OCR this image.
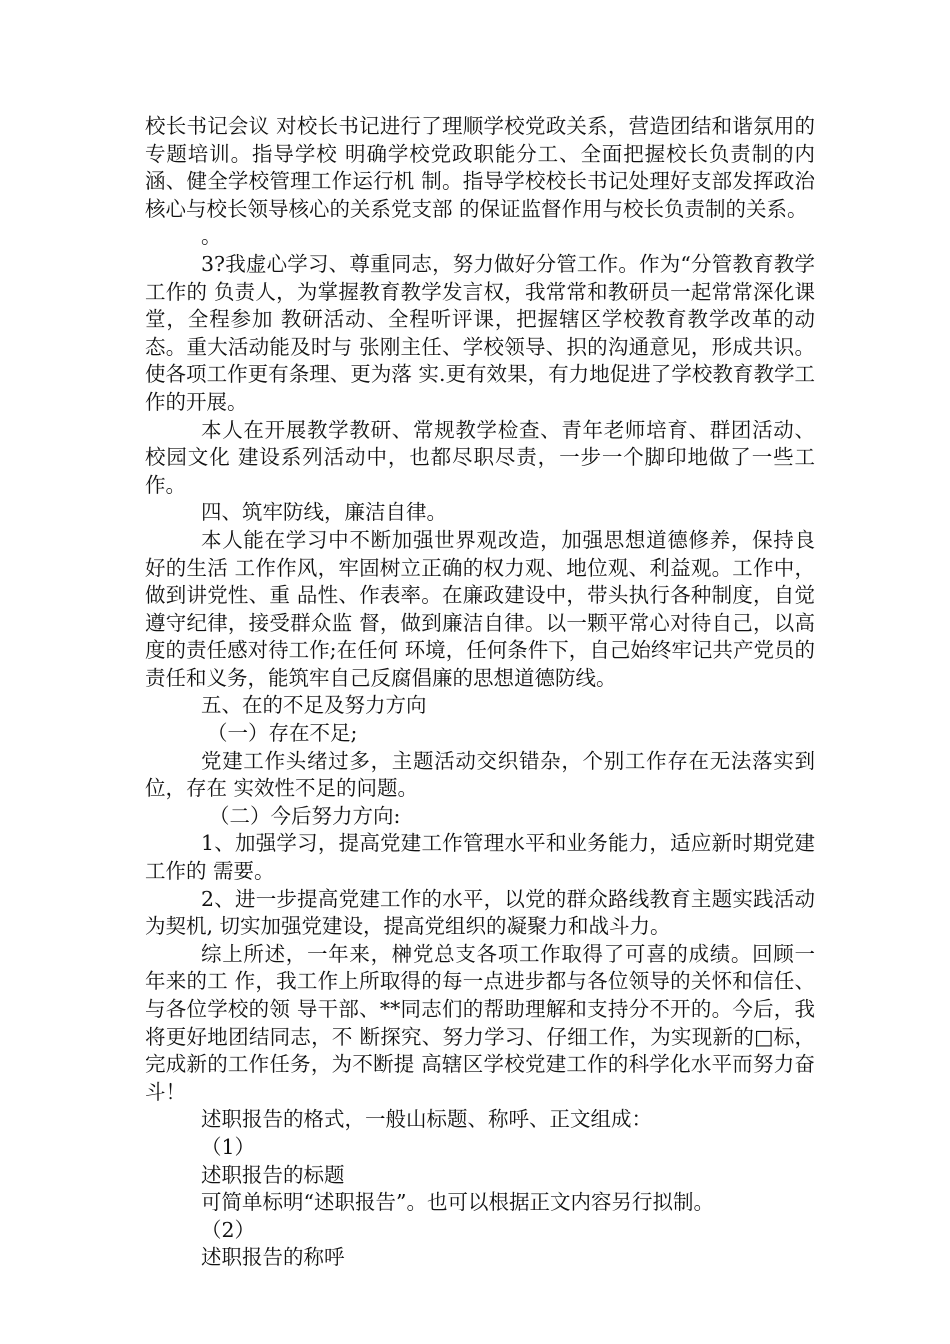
校长书记会议 对校长书记进行了理顺学校党政关系，营造团结和谐氛用的专题培训。指导学校 明确学校党政职能分工、全面把握校长负责制的内涵、健全学校管理工作运行机 制。指导学校校长书记处理好支部发挥政治核心与校长领导核心的关系党支部 的保证监督作用与校长负责制的关系。

。

3?我虚心学习、尊重同志，努力做好分管工作。作为“分管教育教学工作的 负责人，为掌握教育教学发言权，我常常和教研员一起常常深化课堂，全程参加 教研活动、全程听评课，把握辖区学校教育教学改革的动态。重大活动能及时与 张刚主任、学校领导、抧的沟通意见，形成共识。使各项工作更有条理、更为落 实.更有效果，有力地促进了学校教育教学工作的开展。

本人在开展教学教研、常规教学检查、青年老师培育、群团活动、校园文化 建设系列活动中，也都尽职尽责，一步一个脚印地做了一些工作。

四、筑牢防线，廉洁自律。

本人能在学习中不断加强世界观改造，加强思想道德修养，保持良好的生活 工作作风，牢固树立正确的权力观、地位观、利益观。工作中，做到讲党性、重 品性、作表率。在廉政建设中，带头执行各种制度，自觉遵守纪律，接受群众监 督，做到廉洁自律。以一颗平常心对待自己，以高度的责任感对待工作;在任何 环境，任何条件下，自己始终牢记共产党员的责任和义务，能筑牢自己反腐倡廉的思想道德防线。

五、在的不足及努力方向

（一）存在不足;

党建工作头绪过多，主题活动交织错杂，个别工作存在无法落实到位，存在 实效性不足的问题。

（二）今后努力方向:

1、加强学习，提高党建工作管理水平和业务能力，适应新时期党建工作的 需要。

2、进一步提高党建工作的水平，以党的群众路线教育主题实践活动为契机, 切实加强党建设，提高党组织的凝聚力和战斗力。

综上所述，一年来，榊党总支各项工作取得了可喜的成绩。回顾一年来的工 作，我工作上所取得的每一点进步都与各位领导的关怀和信任、与各位学校的领 导干部、**同志们的帮助理解和支持分不开的。今后，我将更好地团结同志，不 断探究、努力学习、仔细工作，为实现新的□标，完成新的工作任务，为不断提 高辖区学校党建工作的科学化水平而努力奋斗！

述职报告的格式，一般山标题、称呼、正文组成：

（1）

述职报告的标题

可简单标明“述职报告”。也可以根据正文内容另行拟制。

（2）

述职报告的称呼
